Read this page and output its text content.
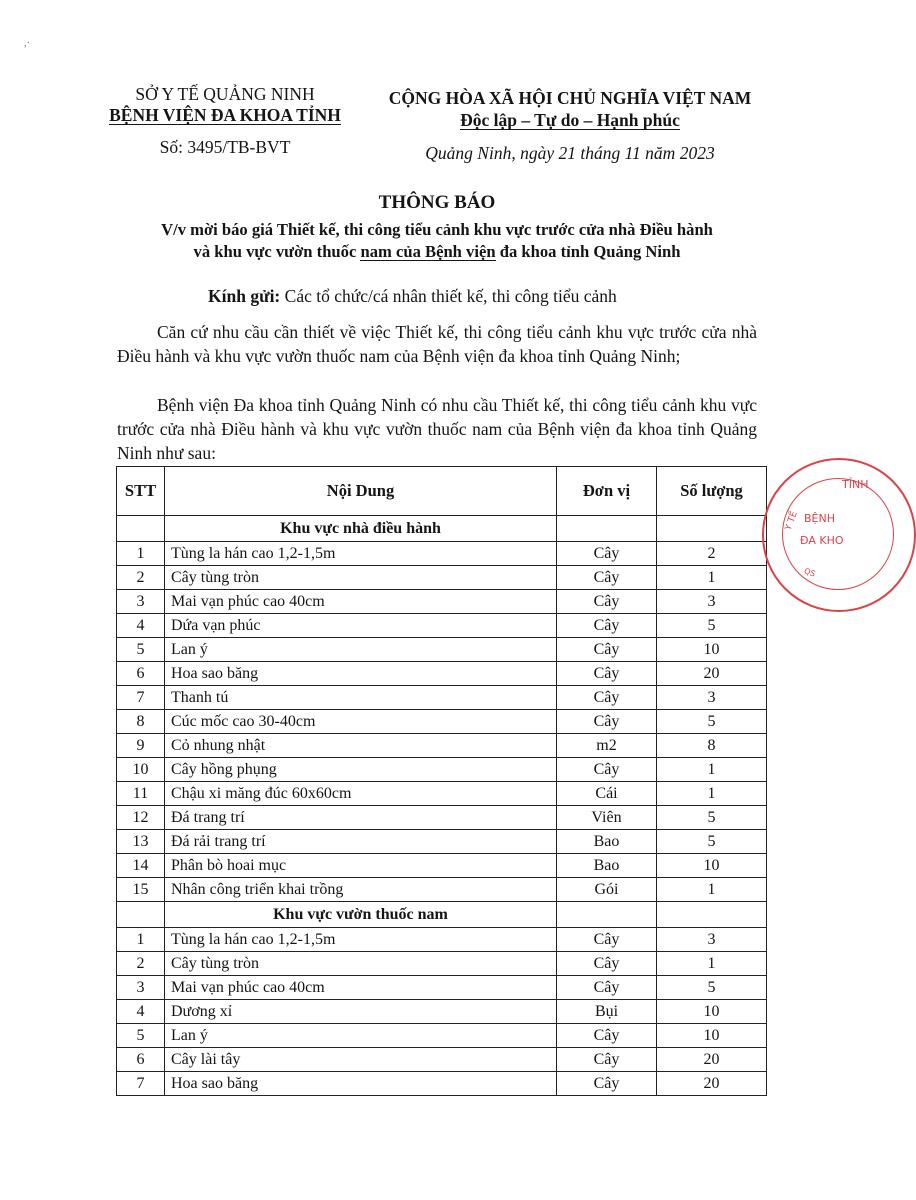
,·
SỞ Y TẾ QUẢNG NINH
BỆNH VIỆN ĐA KHOA TỈNH
Số: 3495/TB-BVT
CỘNG HÒA XÃ HỘI CHỦ NGHĨA VIỆT NAM
Độc lập – Tự do – Hạnh phúc
Quảng Ninh, ngày 21 tháng 11 năm 2023
THÔNG BÁO
V/v mời báo giá Thiết kế, thi công tiểu cảnh khu vực trước cửa nhà Điều hành
và khu vực vườn thuốc nam của Bệnh viện đa khoa tỉnh Quảng Ninh
Kính gửi: Các tổ chức/cá nhân thiết kế, thi công tiểu cảnh
Căn cứ nhu cầu cần thiết về việc Thiết kế, thi công tiểu cảnh khu vực trước cửa nhà Điều hành và khu vực vườn thuốc nam của Bệnh viện đa khoa tỉnh Quảng Ninh;
Bệnh viện Đa khoa tỉnh Quảng Ninh có nhu cầu Thiết kế, thi công tiểu cảnh khu vực trước cửa nhà Điều hành và khu vực vườn thuốc nam của Bệnh viện đa khoa tỉnh Quảng Ninh như sau:
STT	Nội Dung	Đơn vị	Số lượng
	Khu vực nhà điều hành		
1	Tùng la hán cao 1,2-1,5m	Cây	2
2	Cây tùng tròn	Cây	1
3	Mai vạn phúc cao 40cm	Cây	3
4	Dứa vạn phúc	Cây	5
5	Lan ý	Cây	10
6	Hoa sao băng	Cây	20
7	Thanh tú	Cây	3
8	Cúc mốc cao 30-40cm	Cây	5
9	Cỏ nhung nhật	m2	8
10	Cây hồng phụng	Cây	1
11	Chậu xi măng đúc 60x60cm	Cái	1
12	Đá trang trí	Viên	5
13	Đá rải trang trí	Bao	5
14	Phân bò hoai mục	Bao	10
15	Nhân công triển khai trồng	Gói	1
	Khu vực vườn thuốc nam		
1	Tùng la hán cao 1,2-1,5m	Cây	3
2	Cây tùng tròn	Cây	1
3	Mai vạn phúc cao 40cm	Cây	5
4	Dương xỉ	Bụi	10
5	Lan ý	Cây	10
6	Cây lài tây	Cây	20
7	Hoa sao băng	Cây	20
TỈNH
Y TẾ BỆNH
ĐA KHO
QS
